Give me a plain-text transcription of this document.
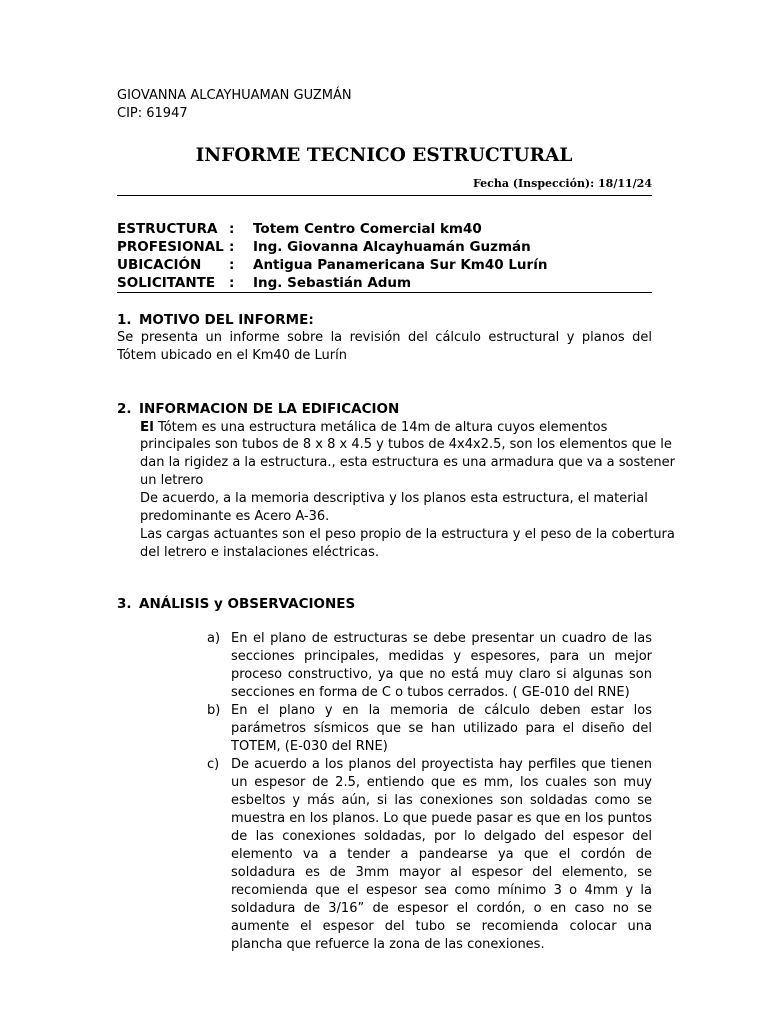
GIOVANNA ALCAYHUAMAN GUZMÁN
CIP: 61947
INFORME TECNICO ESTRUCTURAL
Fecha (Inspección): 18/11/24
ESTRUCTURA : Totem Centro Comercial km40
PROFESIONAL : Ing. Giovanna Alcayhuamán Guzmán
UBICACIÓN : Antigua Panamericana Sur Km40 Lurín
SOLICITANTE : Ing. Sebastián Adum
1. MOTIVO DEL INFORME:
Se presenta un informe sobre la revisión del cálculo estructural y planos del Tótem ubicado en el Km40 de Lurín
2. INFORMACION DE LA EDIFICACION
El Tótem es una estructura metálica de 14m de altura cuyos elementos
principales son tubos de 8 x 8 x 4.5 y tubos de 4x4x2.5, son los elementos que le
dan la rigidez a la estructura., esta estructura es una armadura que va a sostener
un letrero
De acuerdo, a la memoria descriptiva y los planos esta estructura, el material
predominante es Acero A-36.
Las cargas actuantes son el peso propio de la estructura y el peso de la cobertura
del letrero e instalaciones eléctricas.
3. ANÁLISIS y OBSERVACIONES
a) En el plano de estructuras se debe presentar un cuadro de las secciones principales, medidas y espesores, para un mejor proceso constructivo, ya que no está muy claro si algunas son secciones en forma de C o tubos cerrados. ( GE-010 del RNE)
b) En el plano y en la memoria de cálculo deben estar los parámetros sísmicos que se han utilizado para el diseño del TOTEM, (E-030 del RNE)
c) De acuerdo a los planos del proyectista hay perfiles que tienen un espesor de 2.5, entiendo que es mm, los cuales son muy esbeltos y más aún, si las conexiones son soldadas como se muestra en los planos. Lo que puede pasar es que en los puntos de las conexiones soldadas, por lo delgado del espesor del elemento va a tender a pandearse ya que el cordón de soldadura es de 3mm mayor al espesor del elemento, se recomienda que el espesor sea como mínimo 3 o 4mm y la soldadura de 3/16” de espesor el cordón, o en caso no se aumente el espesor del tubo se recomienda colocar una plancha que refuerce la zona de las conexiones.
